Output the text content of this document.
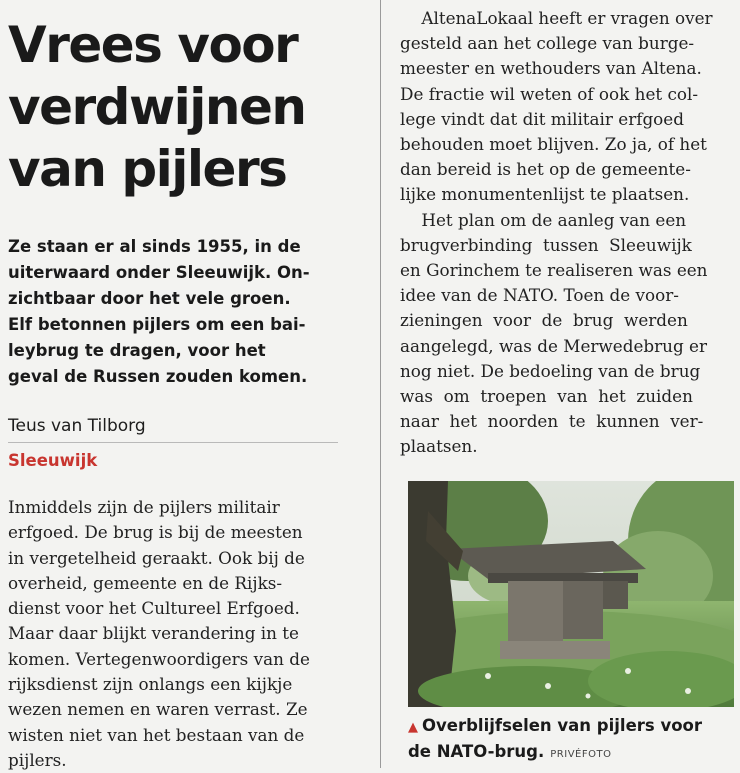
Vrees voor
verdwijnen
van pijlers
Ze staan er al sinds 1955, in de
uiterwaard onder Sleeuwijk. On-
zichtbaar door het vele groen.
Elf betonnen pijlers om een bai-
leybrug te dragen, voor het
geval de Russen zouden komen.
Teus van Tilborg
Sleeuwijk
Inmiddels zijn de pijlers militair
erfgoed. De brug is bij de meesten
in vergetelheid geraakt. Ook bij de
overheid, gemeente en de Rijks-
dienst voor het Cultureel Erfgoed.
Maar daar blijkt verandering in te
komen. Vertegenwoordigers van de
rijksdienst zijn onlangs een kijkje
wezen nemen en waren verrast. Ze
wisten niet van het bestaan van de
pijlers.
AltenaLokaal heeft er vragen over
gesteld aan het college van burge-
meester en wethouders van Altena.
De fractie wil weten of ook het col-
lege vindt dat dit militair erfgoed
behouden moet blijven. Zo ja, of het
dan bereid is het op de gemeente-
lijke monumentenlijst te plaatsen.
Het plan om de aanleg van een
brugverbinding  tussen  Sleeuwijk
en Gorinchem te realiseren was een
idee van de NATO. Toen de voor-
zieningen  voor  de  brug  werden
aangelegd, was de Merwedebrug er
nog niet. De bedoeling van de brug
was  om  troepen  van  het  zuiden
naar  het  noorden  te  kunnen  ver-
plaatsen.
▲ Overblijfselen van pijlers voor
de NATO-brug. PRIVÉFOTO
